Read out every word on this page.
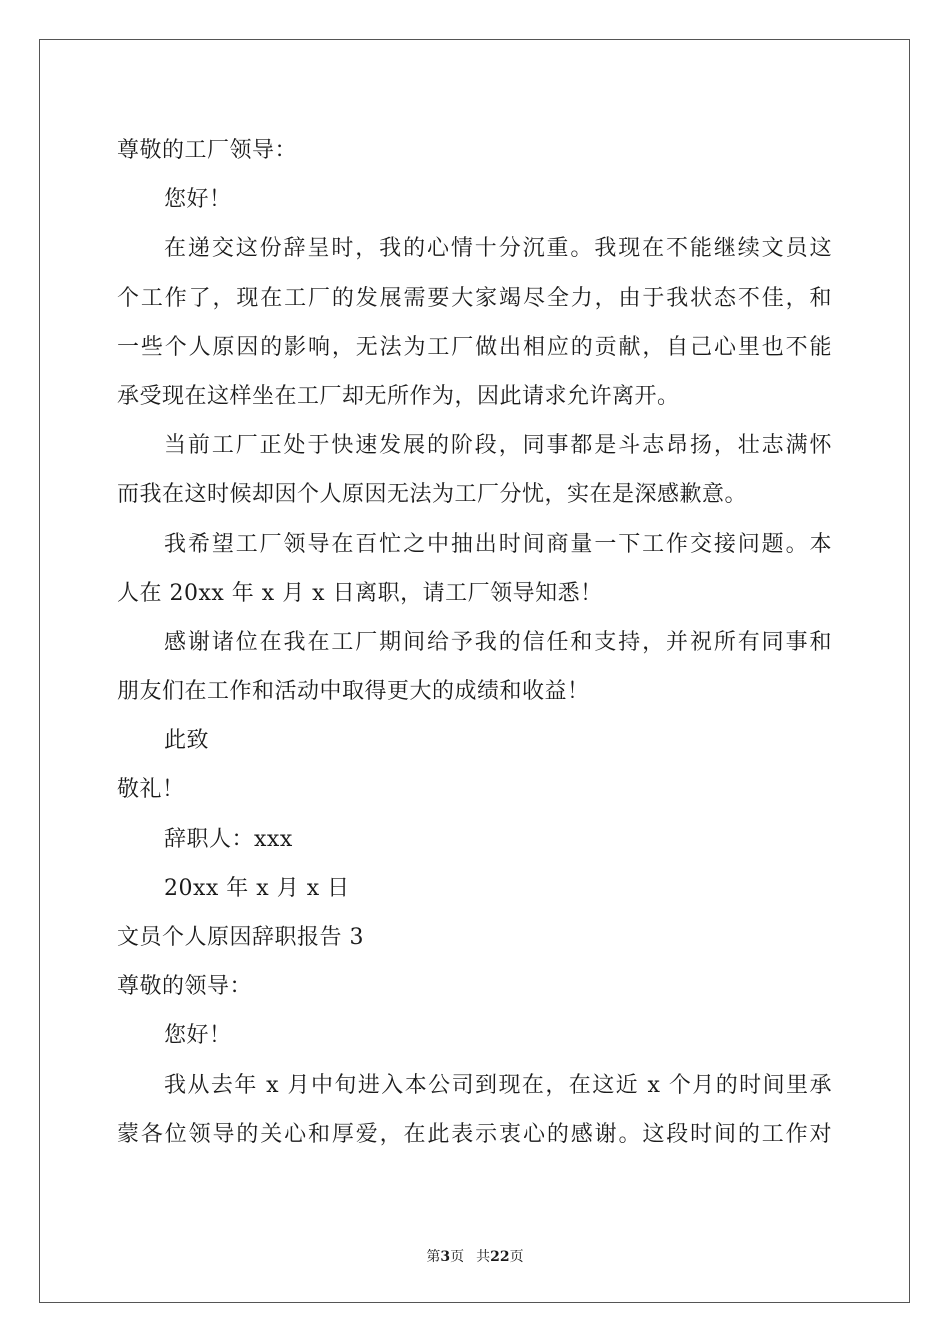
尊敬的工厂领导：
您好！
在递交这份辞呈时，我的心情十分沉重。我现在不能继续文员这
个工作了，现在工厂的发展需要大家竭尽全力，由于我状态不佳，和
一些个人原因的影响，无法为工厂做出相应的贡献，自己心里也不能
承受现在这样坐在工厂却无所作为，因此请求允许离开。
当前工厂正处于快速发展的阶段，同事都是斗志昂扬，壮志满怀
而我在这时候却因个人原因无法为工厂分忧，实在是深感歉意。
我希望工厂领导在百忙之中抽出时间商量一下工作交接问题。本
人在 20xx 年 x 月 x 日离职，请工厂领导知悉！
感谢诸位在我在工厂期间给予我的信任和支持，并祝所有同事和
朋友们在工作和活动中取得更大的成绩和收益！
此致
敬礼！
辞职人：xxx
20xx 年 x 月 x 日
文员个人原因辞职报告 3
尊敬的领导：
您好！
我从去年 x 月中旬进入本公司到现在，在这近 x 个月的时间里承
蒙各位领导的关心和厚爱，在此表示衷心的感谢。这段时间的工作对
第3页 共22页
